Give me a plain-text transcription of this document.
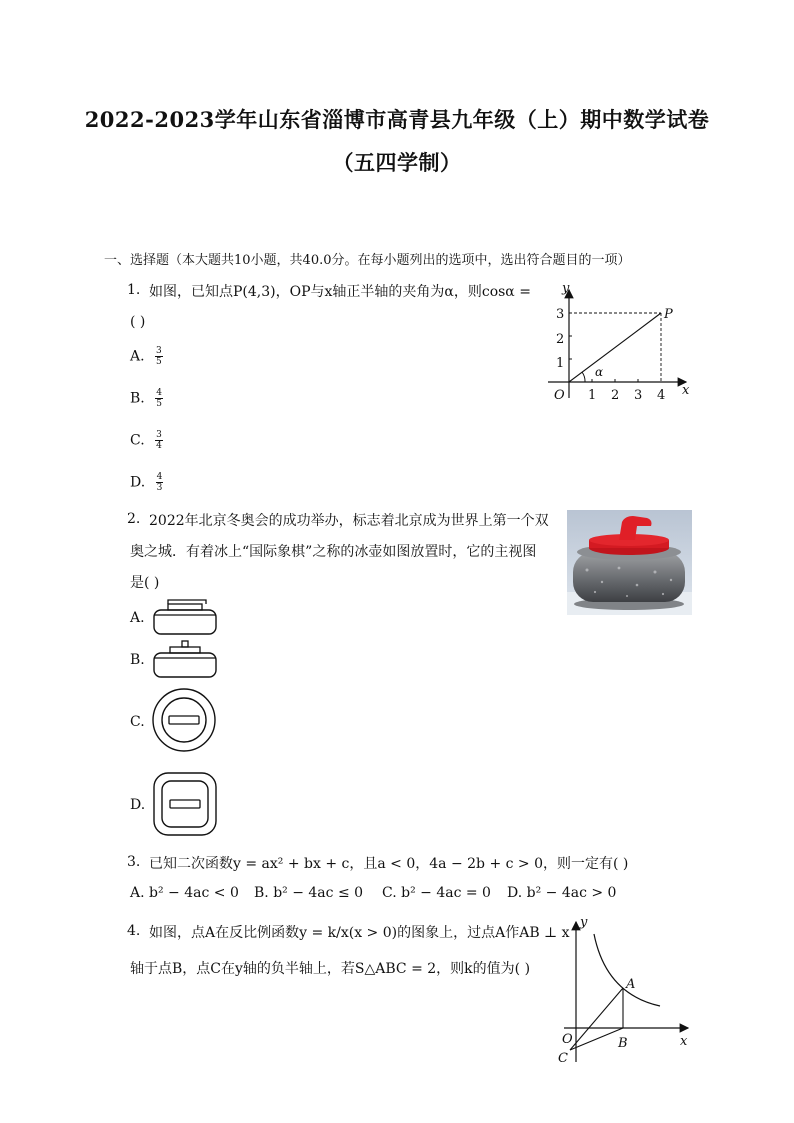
2022-2023学年山东省淄博市高青县九年级（上）期中数学试卷
（五四学制）
一、选择题（本大题共10小题，共40.0分。在每小题列出的选项中，选出符合题目的一项）
1. 如图，已知点P(4,3)，OP与x轴正半轴的夹角为α，则cosα =
( )
A. $\frac{3}{5}$
B. $\frac{4}{5}$
C. $\frac{3}{4}$
D. $\frac{4}{3}$
y
x
O
P
α
1 2 3 4
1
2
3
2. 2022年北京冬奥会的成功举办，标志着北京成为世界上第一个双
奥之城．有着冰上“国际象棋”之称的冰壶如图放置时，它的主视图
是( )
A.
B.
C.
D.
3. 已知二次函数y = ax² + bx + c，且a < 0，4a − 2b + c > 0，则一定有( )
A. b² − 4ac < 0 B. b² − 4ac ≤ 0 C. b² − 4ac = 0 D. b² − 4ac > 0
4. 如图，点A在反比例函数y = k/x(x > 0)的图象上，过点A作AB ⊥ x
轴于点B，点C在y轴的负半轴上，若S△ABC = 2，则k的值为( )
y
x
O
A
B
C
